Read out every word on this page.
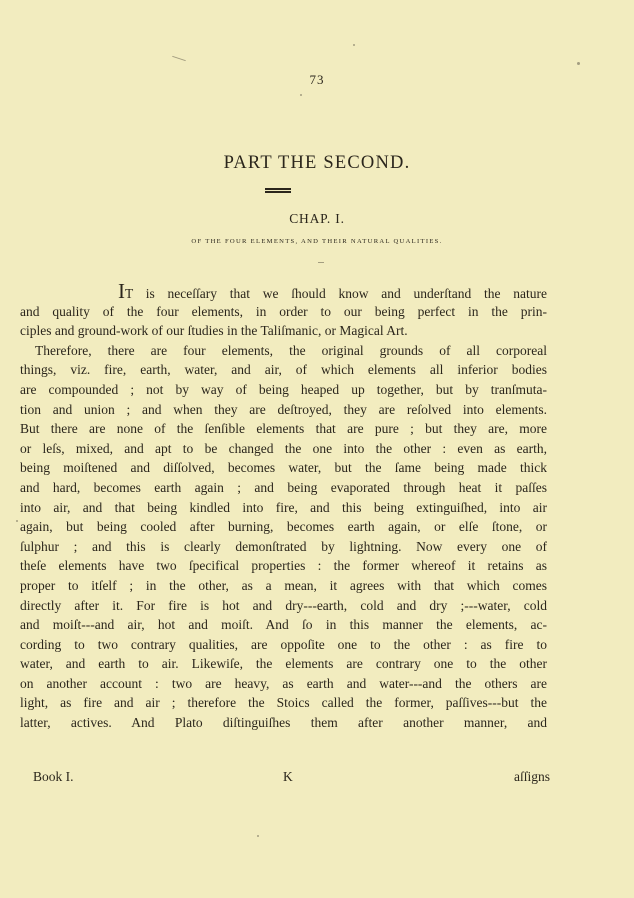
73
PART THE SECOND.
CHAP. I.
OF THE FOUR ELEMENTS, AND THEIR NATURAL QUALITIES.
IT is neceſſary that we ſhould know and underſtand the nature
and quality of the four elements, in order to our being perfect in the prin-
ciples and ground-work of our ſtudies in the Taliſmanic, or Magical Art.
Therefore, there are four elements, the original grounds of all corporeal
things, viz. fire, earth, water, and air, of which elements all inferior bodies
are compounded ; not by way of being heaped up together, but by tranſmuta-
tion and union ; and when they are deſtroyed, they are reſolved into elements.
But there are none of the ſenſible elements that are pure ; but they are, more
or leſs, mixed, and apt to be changed the one into the other : even as earth,
being moiſtened and diſſolved, becomes water, but the ſame being made thick
and hard, becomes earth again ; and being evaporated through heat it paſſes
into air, and that being kindled into fire, and this being extinguiſhed, into air
again, but being cooled after burning, becomes earth again, or elſe ſtone, or
ſulphur ; and this is clearly demonſtrated by lightning. Now every one of
theſe elements have two ſpecifical properties : the former whereof it retains as
proper to itſelf ; in the other, as a mean, it agrees with that which comes
directly after it. For fire is hot and dry---earth, cold and dry ;---water, cold
and moiſt---and air, hot and moiſt. And ſo in this manner the elements, ac-
cording to two contrary qualities, are oppoſite one to the other : as fire to
water, and earth to air. Likewiſe, the elements are contrary one to the other
on another account : two are heavy, as earth and water---and the others are
light, as fire and air ; therefore the Stoics called the former, paſſives---but the
latter, actives. And Plato diſtinguiſhes them after another manner, and
Book I.	K	aſſigns
